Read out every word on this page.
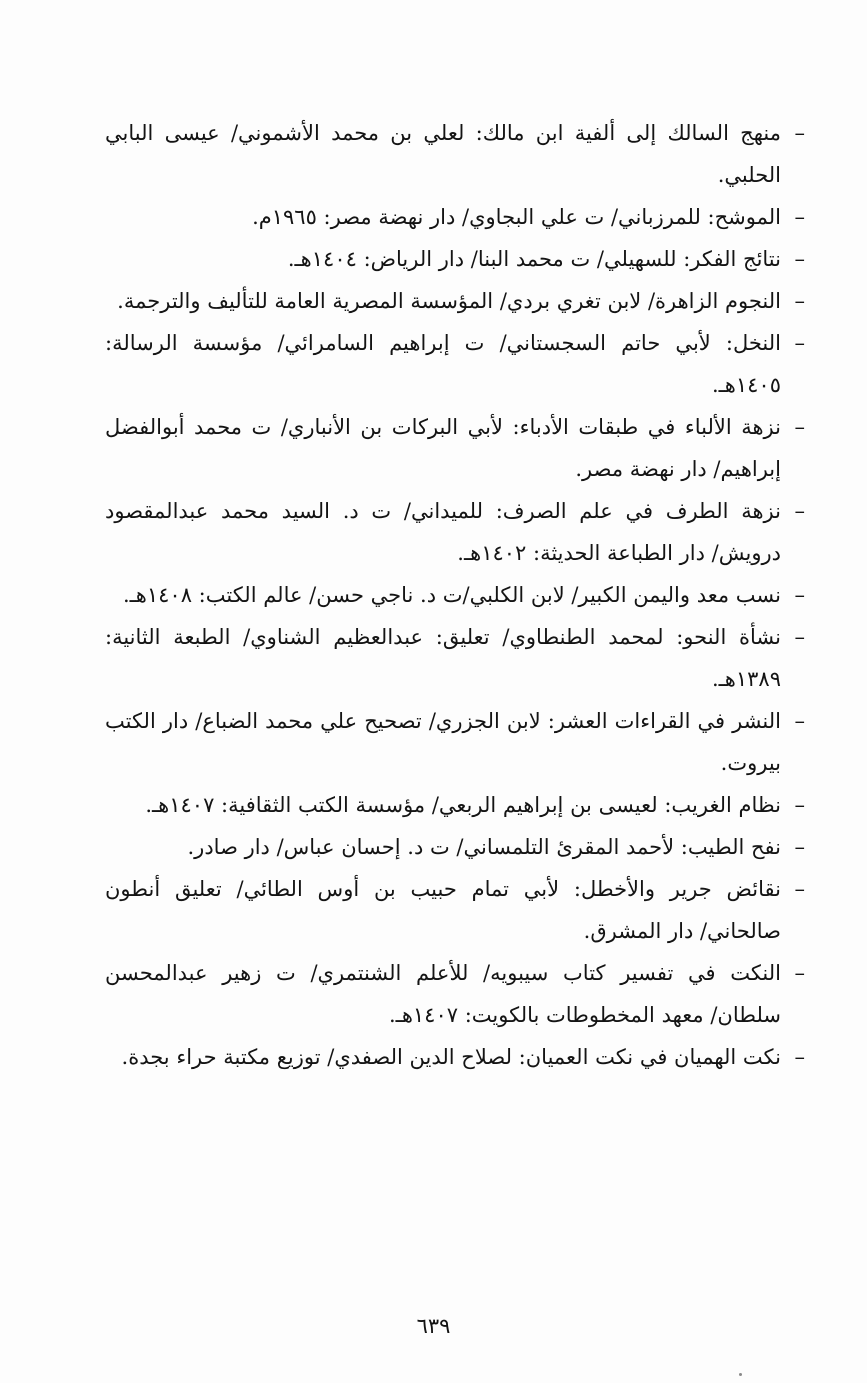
–
منهج السالك إلى ألفية ابن مالك: لعلي بن محمد الأشموني/ عيسى البابي الحلبي.
–
الموشح: للمرزباني/ ت علي البجاوي/ دار نهضة مصر: ١٩٦٥م.
–
نتائج الفكر: للسهيلي/ ت محمد البنا/ دار الرياض: ١٤٠٤هـ.
–
النجوم الزاهرة/ لابن تغري بردي/ المؤسسة المصرية العامة للتأليف والترجمة.
–
النخل: لأبي حاتم السجستاني/ ت إبراهيم السامرائي/ مؤسسة الرسالة: ١٤٠٥هـ.
–
نزهة الألباء في طبقات الأدباء: لأبي البركات بن الأنباري/ ت محمد أبوالفضل إبراهيم/ دار نهضة مصر.
–
نزهة الطرف في علم الصرف: للميداني/ ت د. السيد محمد عبدالمقصود درويش/ دار الطباعة الحديثة: ١٤٠٢هـ.
–
نسب معد واليمن الكبير/ لابن الكلبي/ت د. ناجي حسن/ عالم الكتب: ١٤٠٨هـ.
–
نشأة النحو: لمحمد الطنطاوي/ تعليق: عبدالعظيم الشناوي/ الطبعة الثانية: ١٣٨٩هـ.
–
النشر في القراءات العشر: لابن الجزري/ تصحيح علي محمد الضباع/ دار الكتب بيروت.
–
نظام الغريب: لعيسى بن إبراهيم الربعي/ مؤسسة الكتب الثقافية: ١٤٠٧هـ.
–
نفح الطيب: لأحمد المقرئ التلمساني/ ت د. إحسان عباس/ دار صادر.
–
نقائض جرير والأخطل: لأبي تمام حبيب بن أوس الطائي/ تعليق أنطون صالحاني/ دار المشرق.
–
النكت في تفسير كتاب سيبويه/ للأعلم الشنتمري/ ت زهير عبدالمحسن سلطان/ معهد المخطوطات بالكويت: ١٤٠٧هـ.
–
نكت الهميان في نكت العميان: لصلاح الدين الصفدي/ توزيع مكتبة حراء بجدة.
٦٣٩
